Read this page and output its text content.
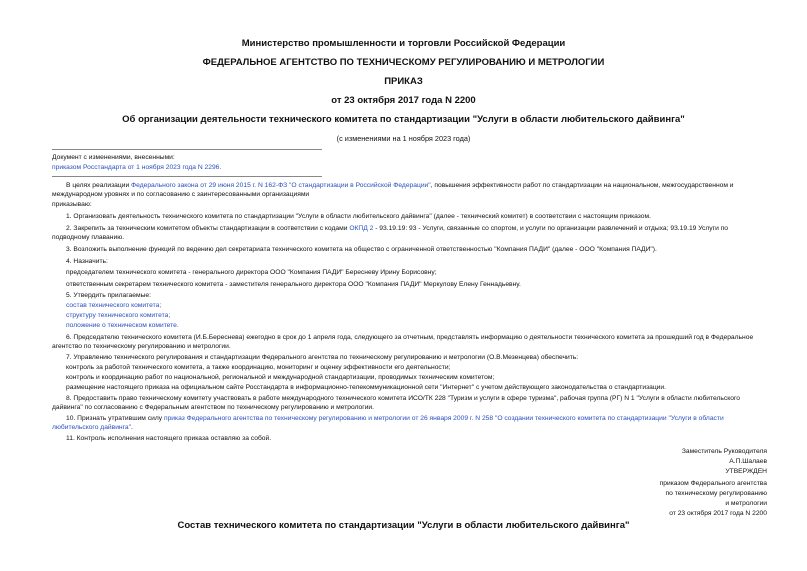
Министерство промышленности и торговли Российской Федерации
ФЕДЕРАЛЬНОЕ АГЕНТСТВО ПО ТЕХНИЧЕСКОМУ РЕГУЛИРОВАНИЮ И МЕТРОЛОГИИ
ПРИКАЗ
от 23 октября 2017 года N 2200
Об организации деятельности технического комитета по стандартизации "Услуги в области любительского дайвинга"
(с изменениями на 1 ноября 2023 года)
Документ с изменениями, внесенными:
приказом Росстандарта от 1 ноября 2023 года N 2296.
В целях реализации Федерального закона от 29 июня 2015 г. N 162-ФЗ "О стандартизации в Российской Федерации", повышения эффективности работ по стандартизации на национальном, межгосударственном и международном уровнях и по согласованию с заинтересованными организациями
приказываю:
1. Организовать деятельность технического комитета по стандартизации "Услуги в области любительского дайвинга" (далее - технический комитет) в соответствии с настоящим приказом.
2. Закрепить за техническим комитетом объекты стандартизации в соответствии с кодами ОКПД 2 - 93.19.19: 93 - Услуги, связанные со спортом, и услуги по организации развлечений и отдыха; 93.19.19 Услуги по подводному плаванию.
3. Возложить выполнение функций по ведению дел секретариата технического комитета на общество с ограниченной ответственностью "Компания ПАДИ" (далее - ООО "Компания ПАДИ").
4. Назначить:
председателем технического комитета - генерального директора ООО "Компания ПАДИ" Бересневу Ирину Борисовну;
ответственным секретарем технического комитета - заместителя генерального директора ООО "Компания ПАДИ" Меркулову Елену Геннадьевну.
5. Утвердить прилагаемые:
состав технического комитета;
структуру технического комитета;
положение о техническом комитете.
6. Председателю технического комитета (И.Б.Береснева) ежегодно в срок до 1 апреля года, следующего за отчетным, представлять информацию о деятельности технического комитета за прошедший год в Федеральное агентство по техническому регулированию и метрологии.
7. Управлению технического регулирования и стандартизации Федерального агентства по техническому регулированию и метрологии (О.В.Мезенцева) обеспечить:
контроль за работой технического комитета, а также координацию, мониторинг и оценку эффективности его деятельности;
контроль и координацию работ по национальной, региональной и международной стандартизации, проводимых техническим комитетом;
размещение настоящего приказа на официальном сайте Росстандарта в информационно-телекоммуникационной сети "Интернет" с учетом действующего законодательства о стандартизации.
8. Предоставить право техническому комитету участвовать в работе международного технического комитета ИСО/ТК 228 "Туризм и услуги в сфере туризма", рабочая группа (РГ) N 1 "Услуги в области любительского дайвинга" по согласованию с Федеральным агентством по техническому регулированию и метрологии.
10. Признать утратившим силу приказ Федерального агентства по техническому регулированию и метрологии от 26 января 2009 г. N 258 "О создании технического комитета по стандартизации "Услуги в области любительского дайвинга".
11. Контроль исполнения настоящего приказа оставляю за собой.
Заместитель Руководителя
А.П.Шалаев
УТВЕРЖДЕН
приказом Федерального агентства
по техническому регулированию
и метрологии
от 23 октября 2017 года N 2200
Состав технического комитета по стандартизации "Услуги в области любительского дайвинга"
